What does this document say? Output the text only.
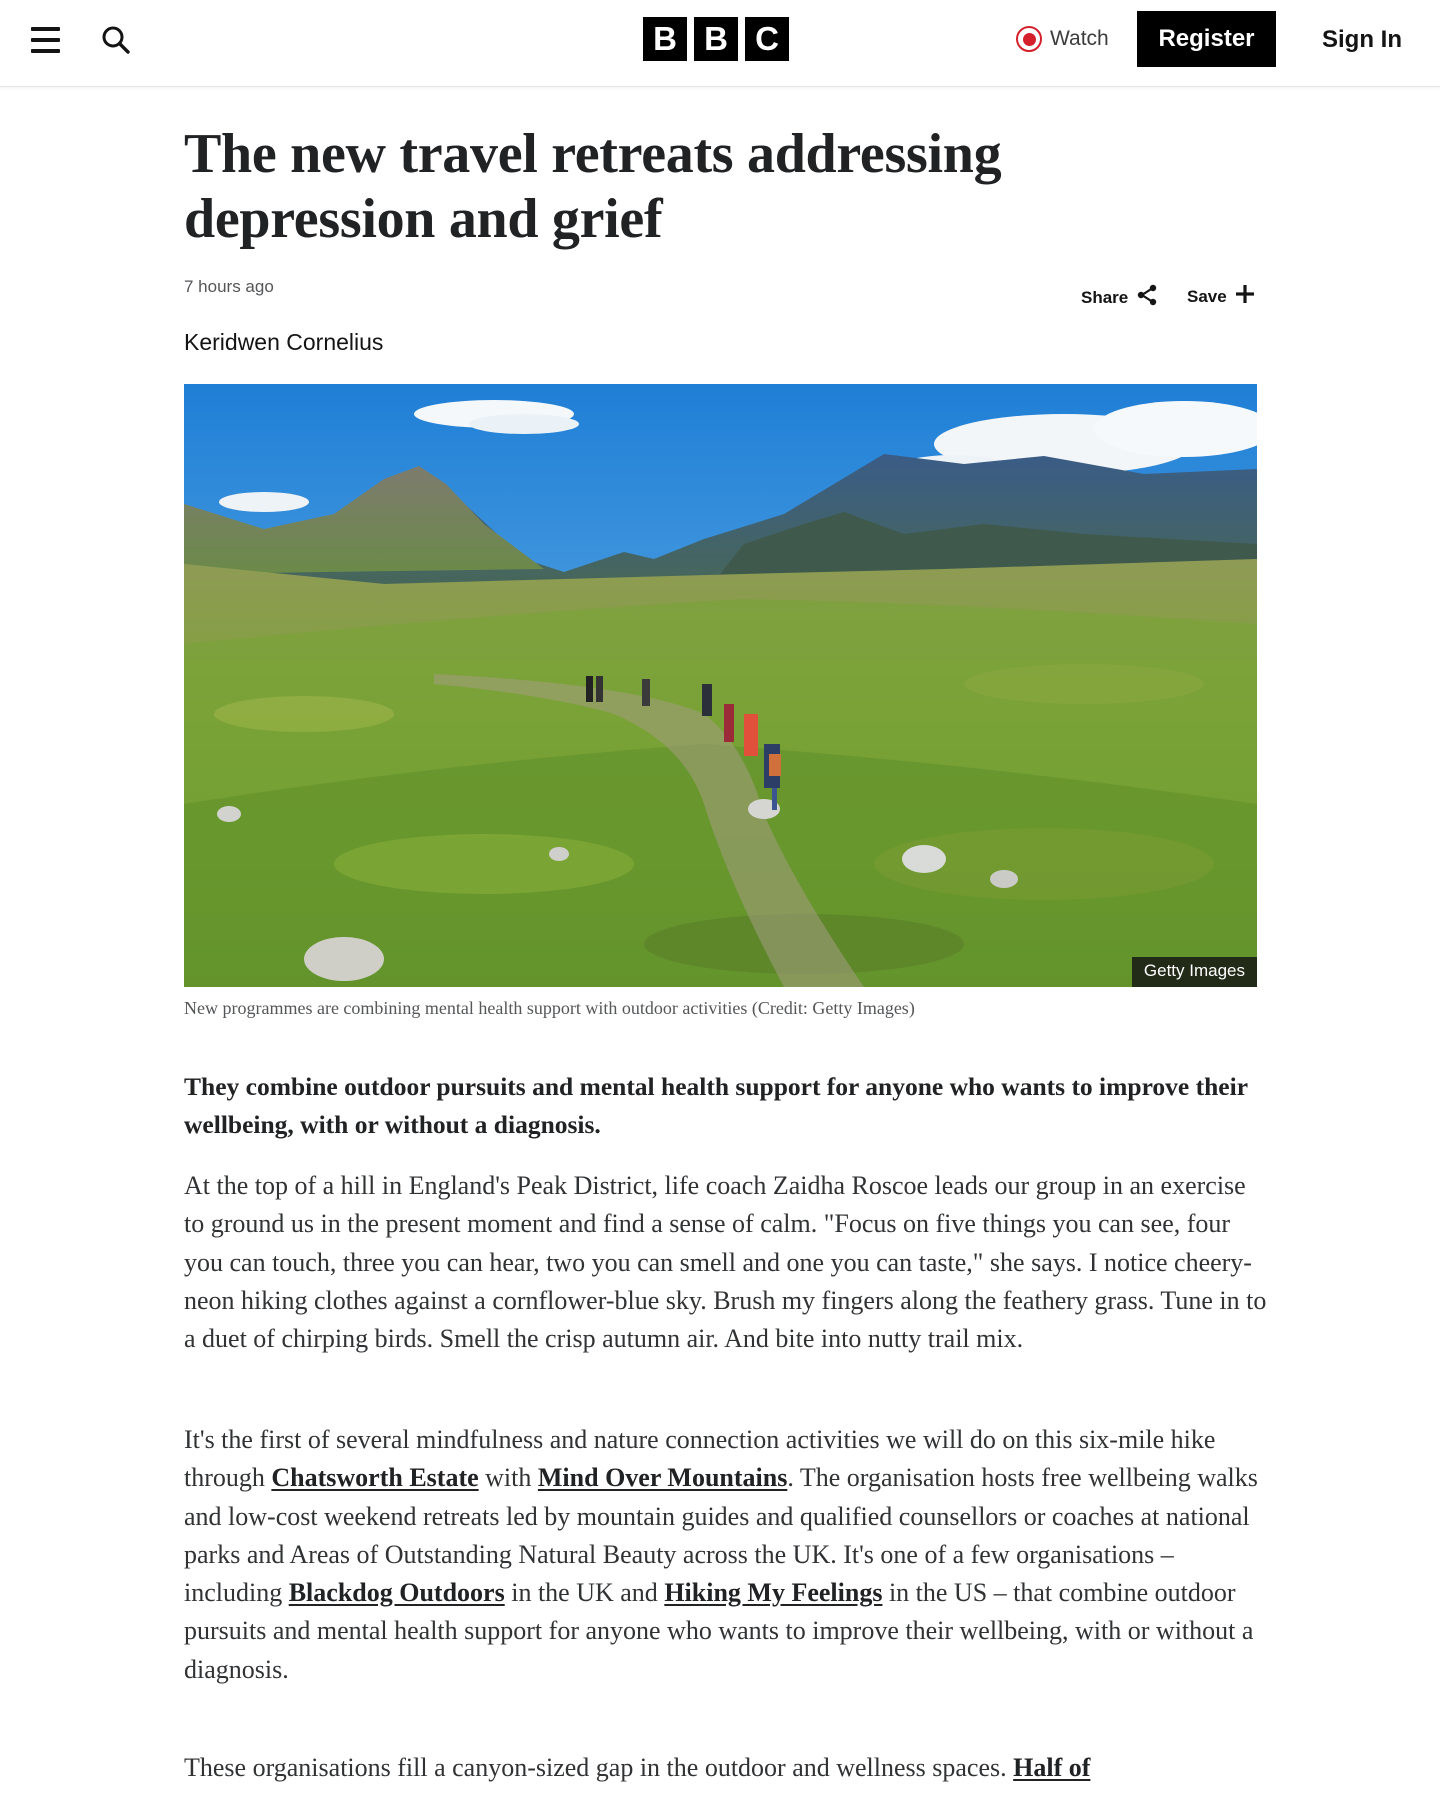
B B C	Watch	Register	Sign In
The new travel retreats addressing depression and grief
7 hours ago
Share	Save
Keridwen Cornelius
Getty Images
New programmes are combining mental health support with outdoor activities (Credit: Getty Images)

They combine outdoor pursuits and mental health support for anyone who wants to improve their wellbeing, with or without a diagnosis.

At the top of a hill in England's Peak District, life coach Zaidha Roscoe leads our group in an exercise to ground us in the present moment and find a sense of calm. "Focus on five things you can see, four you can touch, three you can hear, two you can smell and one you can taste," she says. I notice cheery-neon hiking clothes against a cornflower-blue sky. Brush my fingers along the feathery grass. Tune in to a duet of chirping birds. Smell the crisp autumn air. And bite into nutty trail mix.

It's the first of several mindfulness and nature connection activities we will do on this six-mile hike through Chatsworth Estate with Mind Over Mountains. The organisation hosts free wellbeing walks and low-cost weekend retreats led by mountain guides and qualified counsellors or coaches at national parks and Areas of Outstanding Natural Beauty across the UK. It's one of a few organisations – including Blackdog Outdoors in the UK and Hiking My Feelings in the US – that combine outdoor pursuits and mental health support for anyone who wants to improve their wellbeing, with or without a diagnosis.

These organisations fill a canyon-sized gap in the outdoor and wellness spaces. Half of
